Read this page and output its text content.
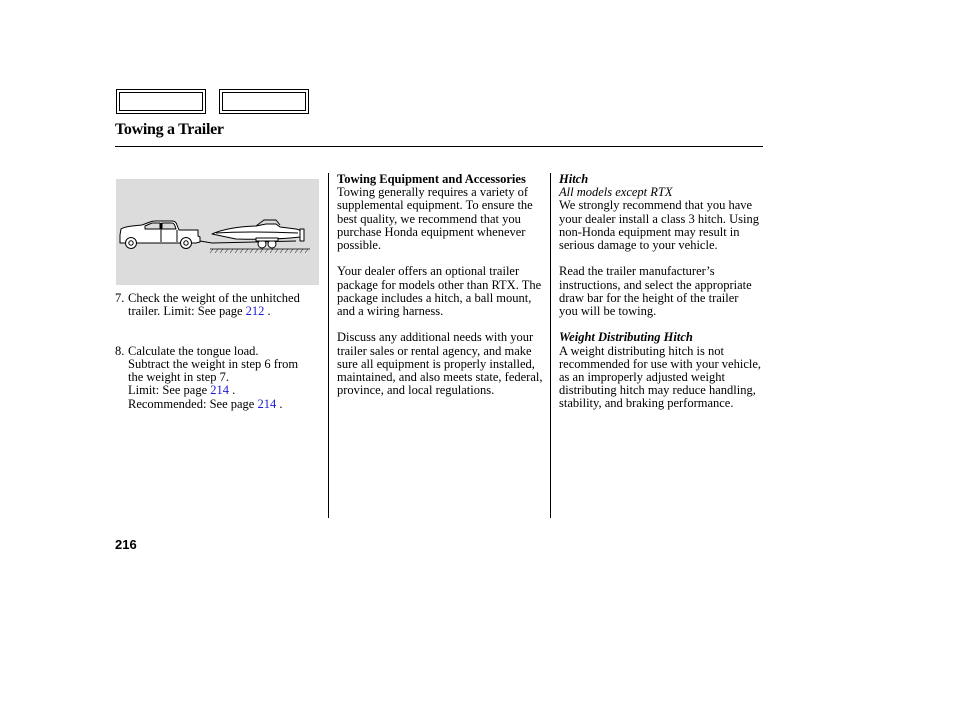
Towing a Trailer
7. Check the weight of the unhitched
trailer. Limit: See page 212 .
8. Calculate the tongue load.
Subtract the weight in step 6 from
the weight in step 7.
Limit: See page 214 .
Recommended: See page 214 .

Towing Equipment and Accessories

Towing generally requires a variety of supplemental equipment. To ensure the best quality, we recommend that you purchase Honda equipment whenever possible.

Your dealer offers an optional trailer package for models other than RTX. The package includes a hitch, a ball mount, and a wiring harness.

Discuss any additional needs with your trailer sales or rental agency, and make sure all equipment is properly installed, maintained, and also meets state, federal, province, and local regulations.

Hitch

All models except RTX

We strongly recommend that you have your dealer install a class 3 hitch. Using non-Honda equipment may result in serious damage to your vehicle.

Read the trailer manufacturer’s instructions, and select the appropriate draw bar for the height of the trailer you will be towing.

Weight Distributing Hitch

A weight distributing hitch is not recommended for use with your vehicle, as an improperly adjusted weight distributing hitch may reduce handling, stability, and braking performance.

216
